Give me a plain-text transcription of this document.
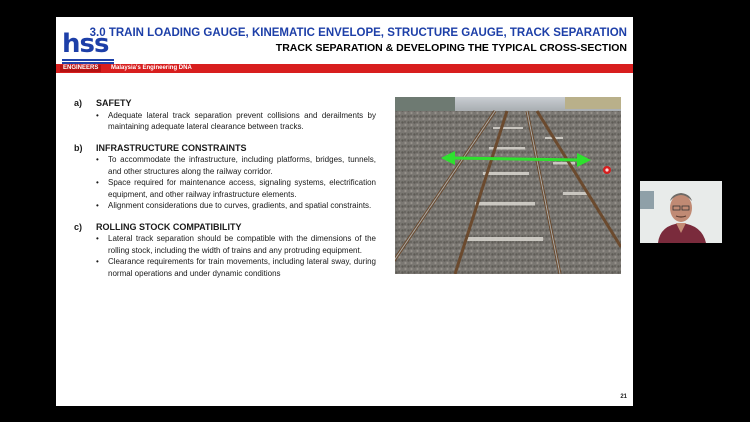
hss
3.0 TRAIN LOADING GAUGE, KINEMATIC ENVELOPE, STRUCTURE GAUGE, TRACK SEPARATION
TRACK SEPARATION & DEVELOPING THE TYPICAL CROSS-SECTION
ENGINEERS	Malaysia's Engineering DNA
a)	SAFETY
• Adequate lateral track separation prevent collisions and derailments by maintaining adequate lateral clearance between tracks.
b)	INFRASTRUCTURE CONSTRAINTS
• To accommodate the infrastructure, including platforms, bridges, tunnels, and other structures along the railway corridor.
• Space required for maintenance access, signaling systems, electrification equipment, and other railway infrastructure elements.
• Alignment considerations due to curves, gradients, and spatial constraints.
c)	ROLLING STOCK COMPATIBILITY
• Lateral track separation should be compatible with the dimensions of the rolling stock, including the width of trains and any protruding equipment.
• Clearance requirements for train movements, including lateral sway, during normal operations and under dynamic conditions
21
